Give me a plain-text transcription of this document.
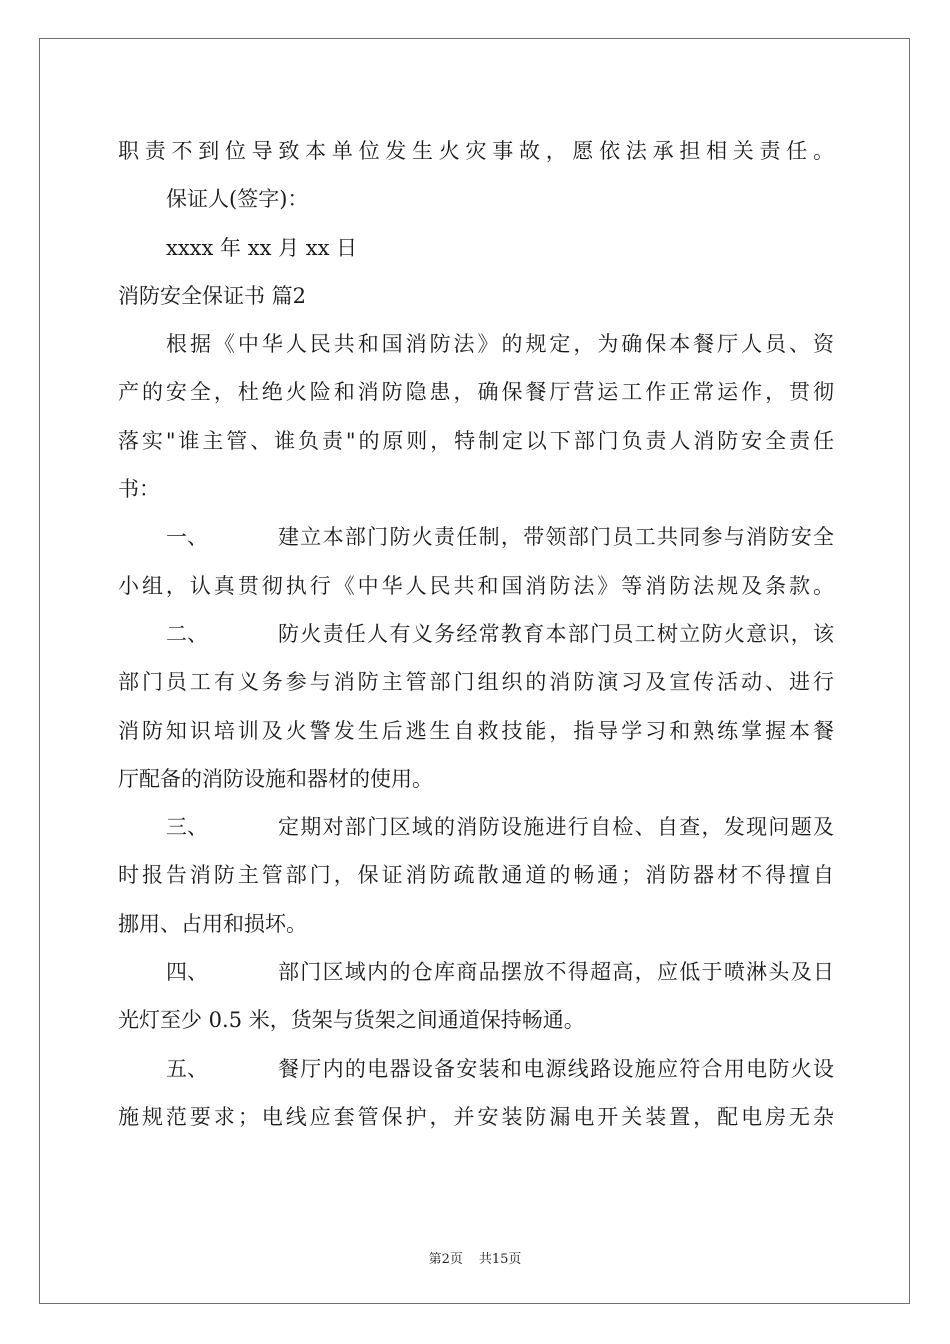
职责不到位导致本单位发生火灾事故，愿依法承担相关责任。
保证人(签字)：
xxxx 年 xx 月 xx 日
消防安全保证书 篇2
根据《中华人民共和国消防法》的规定，为确保本餐厅人员、资
产的安全，杜绝火险和消防隐患，确保餐厅营运工作正常运作，贯彻
落实"谁主管、谁负责"的原则，特制定以下部门负责人消防安全责任
书：
一、	建立本部门防火责任制，带领部门员工共同参与消防安全
小组，认真贯彻执行《中华人民共和国消防法》等消防法规及条款。
二、	防火责任人有义务经常教育本部门员工树立防火意识，该
部门员工有义务参与消防主管部门组织的消防演习及宣传活动、进行
消防知识培训及火警发生后逃生自救技能，指导学习和熟练掌握本餐
厅配备的消防设施和器材的使用。
三、	定期对部门区域的消防设施进行自检、自查，发现问题及
时报告消防主管部门，保证消防疏散通道的畅通；消防器材不得擅自
挪用、占用和损坏。
四、	部门区域内的仓库商品摆放不得超高，应低于喷淋头及日
光灯至少 0.5 米，货架与货架之间通道保持畅通。
五、	餐厅内的电器设备安装和电源线路设施应符合用电防火设
施规范要求；电线应套管保护，并安装防漏电开关装置，配电房无杂
第2页 共15页
